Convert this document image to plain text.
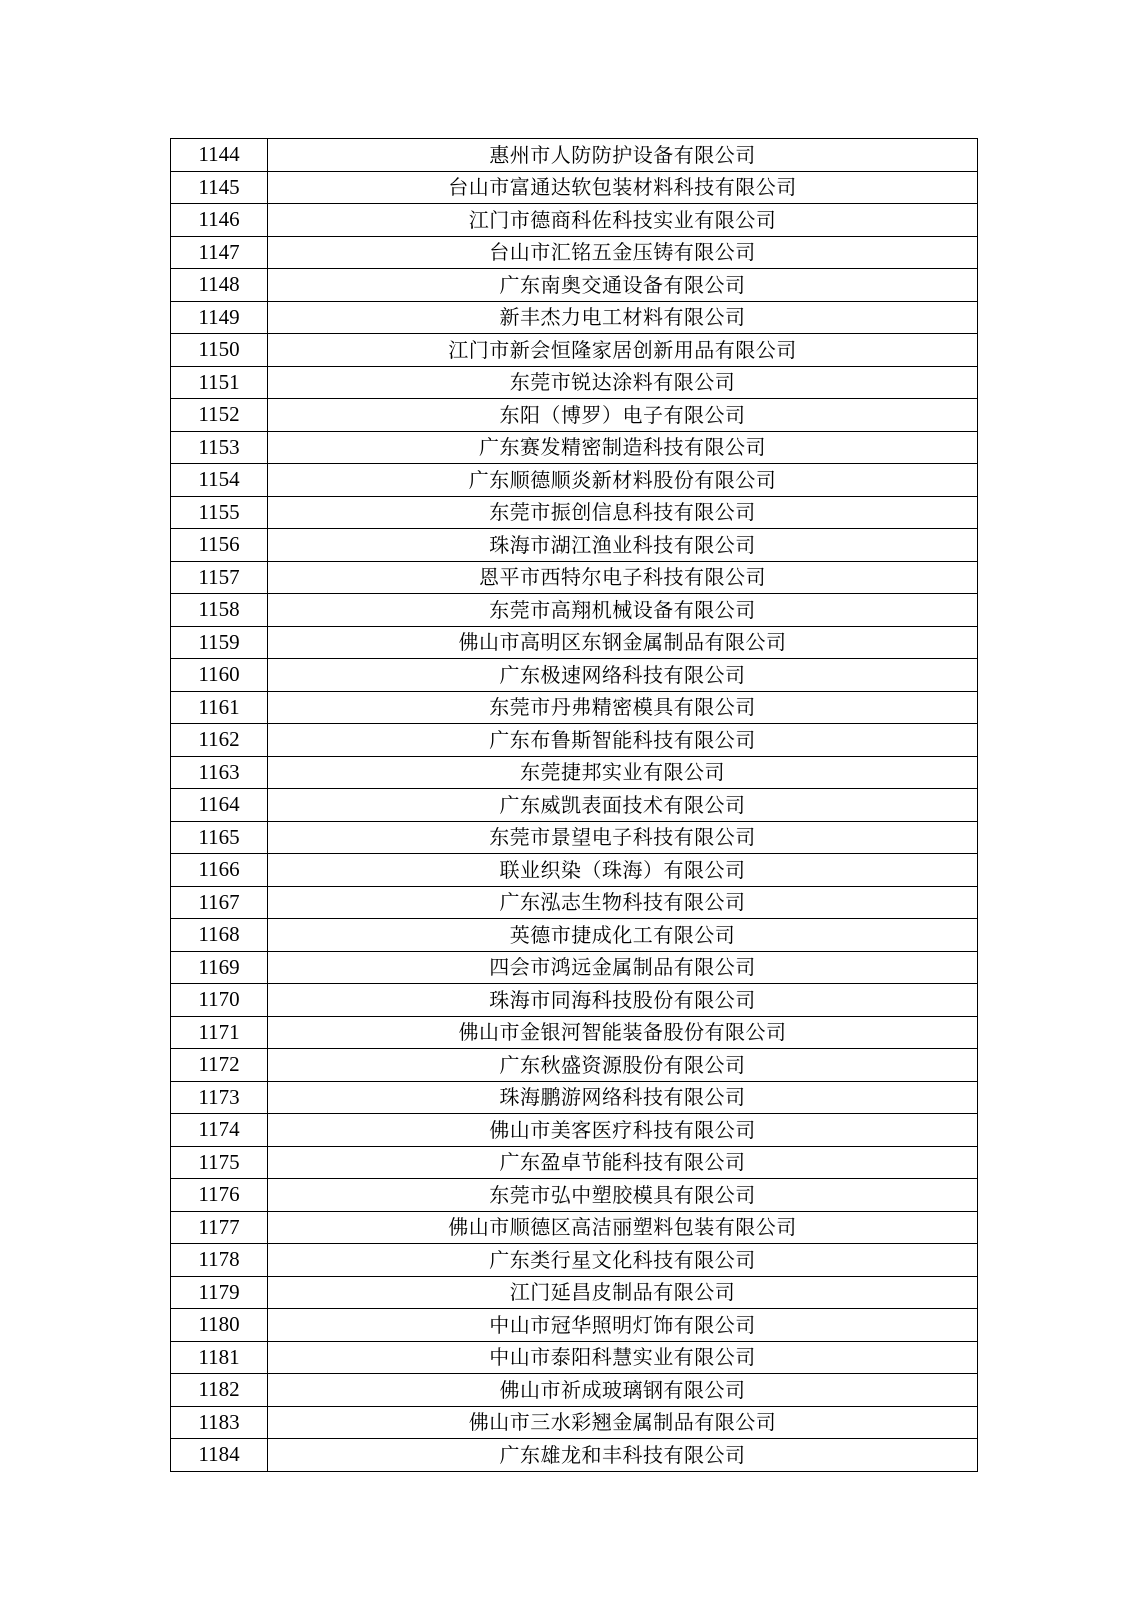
1144	惠州市人防防护设备有限公司
1145	台山市富通达软包装材料科技有限公司
1146	江门市德商科佐科技实业有限公司
1147	台山市汇铭五金压铸有限公司
1148	广东南奥交通设备有限公司
1149	新丰杰力电工材料有限公司
1150	江门市新会恒隆家居创新用品有限公司
1151	东莞市锐达涂料有限公司
1152	东阳（博罗）电子有限公司
1153	广东赛发精密制造科技有限公司
1154	广东顺德顺炎新材料股份有限公司
1155	东莞市振创信息科技有限公司
1156	珠海市湖江渔业科技有限公司
1157	恩平市西特尔电子科技有限公司
1158	东莞市高翔机械设备有限公司
1159	佛山市高明区东钢金属制品有限公司
1160	广东极速网络科技有限公司
1161	东莞市丹弗精密模具有限公司
1162	广东布鲁斯智能科技有限公司
1163	东莞捷邦实业有限公司
1164	广东威凯表面技术有限公司
1165	东莞市景望电子科技有限公司
1166	联业织染（珠海）有限公司
1167	广东泓志生物科技有限公司
1168	英德市捷成化工有限公司
1169	四会市鸿远金属制品有限公司
1170	珠海市同海科技股份有限公司
1171	佛山市金银河智能装备股份有限公司
1172	广东秋盛资源股份有限公司
1173	珠海鹏游网络科技有限公司
1174	佛山市美客医疗科技有限公司
1175	广东盈卓节能科技有限公司
1176	东莞市弘中塑胶模具有限公司
1177	佛山市顺德区高洁丽塑料包装有限公司
1178	广东类行星文化科技有限公司
1179	江门延昌皮制品有限公司
1180	中山市冠华照明灯饰有限公司
1181	中山市泰阳科慧实业有限公司
1182	佛山市祈成玻璃钢有限公司
1183	佛山市三水彩翘金属制品有限公司
1184	广东雄龙和丰科技有限公司
